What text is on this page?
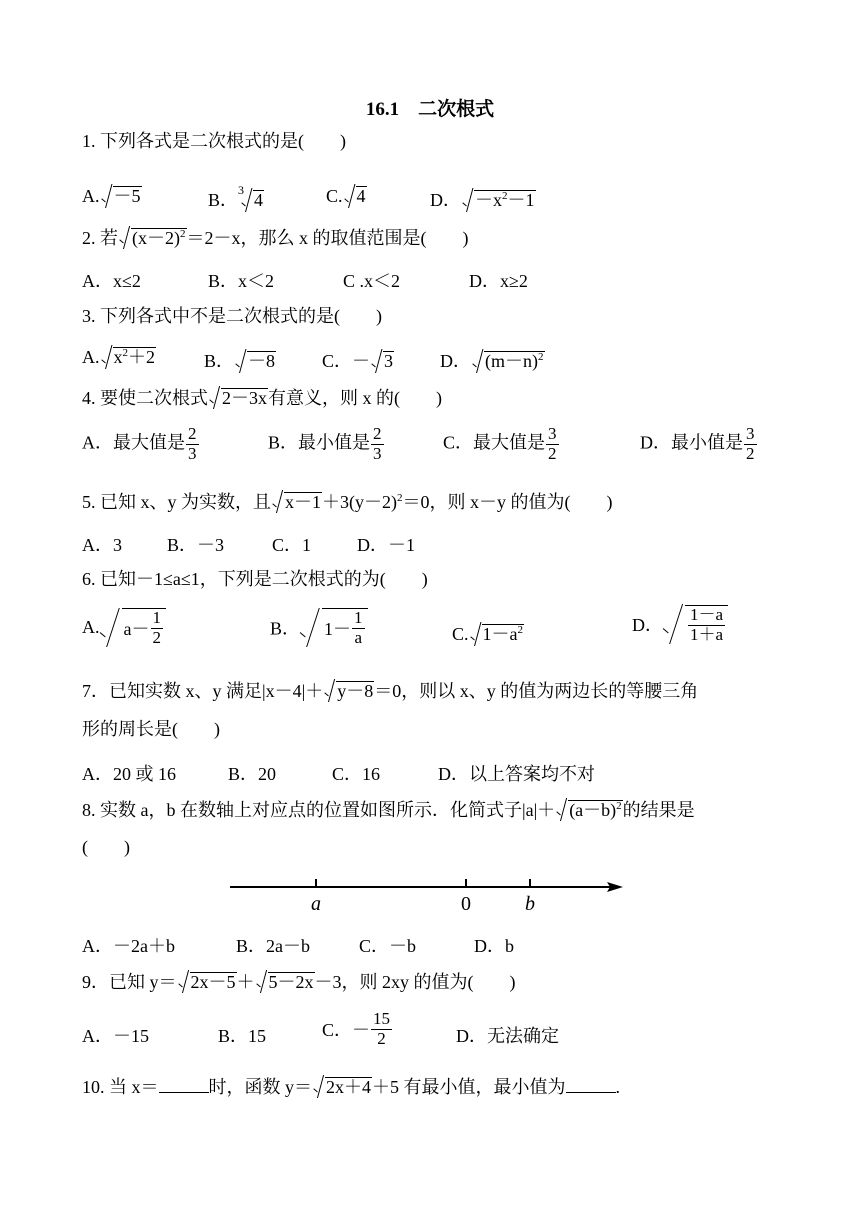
16.1　二次根式
1. 下列各式是二次根式的是(　　)
A. －5	B．$^3$ 4	C. 4	D． $-x^2-1$
2. 若 $(x-2)^2=2-x$，那么 x 的取值范围是(　　)
A．x≤2	B．x＜2	C .x＜2	D．x≥2
3. 下列各式中不是二次根式的是(　　)
A. $x^2+2$	B． －8	C．－ 3	D． $(m-n)^2$
4. 要使二次根式 2－3x有意义，则 x 的(　　)
A．最大值是 $\frac{2}{3}$	B．最小值是 $\frac{2}{3}$	C．最大值是 $\frac{3}{2}$	D．最小值是 $\frac{3}{2}$
5. 已知 x、y 为实数，且 $x-1+3(y-2)^2=0$，则 x－y 的值为(　　)
A．3	B．－3	C．1	D．－1
6. 已知－1≤a≤1，下列是二次根式的为(　　)
A. $a- \frac{1}{2}$	B． $1- \frac{1}{a}$	C. $1-a^2$	D． $\frac{1-a}{1+a}$
7．已知实数 x、y 满足|x－4|＋ y－8＝0，则以 x、y 的值为两边长的等腰三角
形的周长是(　　)
A．20 或 16	B．20	C．16	D．以上答案均不对
8. 实数 a，b 在数轴上对应点的位置如图所示．化简式子$|a|+ (a-b)^2$的结果是
(　　)
a	0	b
A．－2a＋b	B．2a－b	C．－b	D．b
9．已知 y＝ 2x－5＋ 5－2x－3，则 2xy 的值为(　　)
A．－15	B．15	C．－ $\frac{15}{2}$	D．无法确定
10. 当 x＝	时，函数 y＝ 2x＋4＋5 有最小值，最小值为	.
